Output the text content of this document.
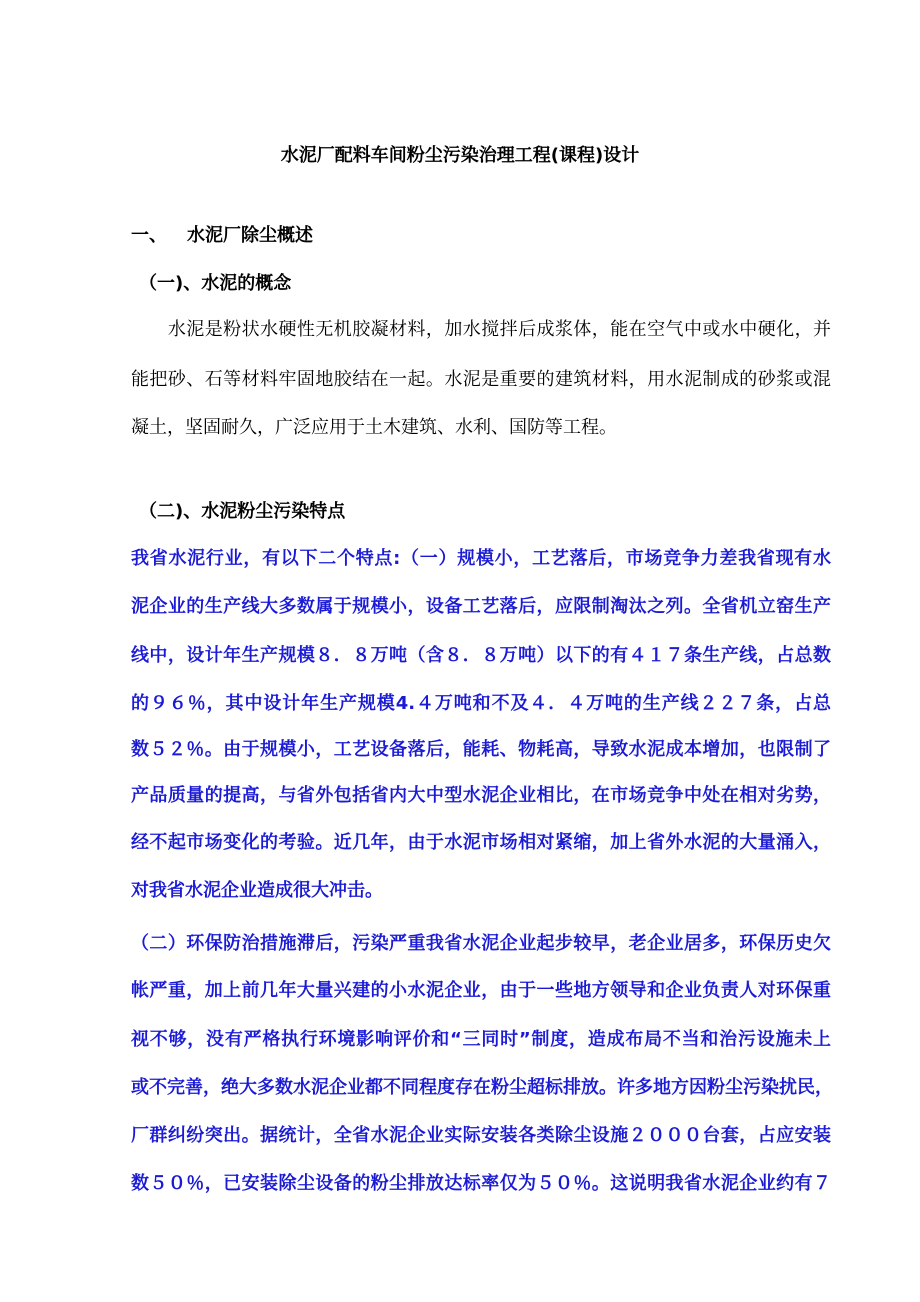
水泥厂配料车间粉尘污染治理工程(课程)设计
一、 水泥厂除尘概述
（一)、水泥的概念
　　水泥是粉状水硬性无机胶凝材料，加水搅拌后成浆体，能在空气中或水中硬化，并
能把砂、石等材料牢固地胶结在一起。水泥是重要的建筑材料，用水泥制成的砂浆或混
凝土，坚固耐久，广泛应用于土木建筑、水利、国防等工程。
（二)、水泥粉尘污染特点
我省水泥行业，有以下二个特点:（一）规模小，工艺落后，市场竞争力差我省现有水
泥企业的生产线大多数属于规模小，设备工艺落后，应限制淘汰之列。全省机立窑生产
线中，设计年生产规模８．８万吨（含８．８万吨）以下的有４１７条生产线，占总数
的９６％，其中设计年生产规模4.４万吨和不及４．４万吨的生产线２２７条，占总
数５２％。由于规模小，工艺设备落后，能耗、物耗高，导致水泥成本增加，也限制了
产品质量的提高，与省外包括省内大中型水泥企业相比，在市场竞争中处在相对劣势，
经不起市场变化的考验。近几年，由于水泥市场相对紧缩，加上省外水泥的大量涌入，
对我省水泥企业造成很大冲击。
（二）环保防治措施滞后，污染严重我省水泥企业起步较早，老企业居多，环保历史欠
帐严重，加上前几年大量兴建的小水泥企业，由于一些地方领导和企业负责人对环保重
视不够，没有严格执行环境影响评价和“三同时”制度，造成布局不当和治污设施未上
或不完善，绝大多数水泥企业都不同程度存在粉尘超标排放。许多地方因粉尘污染扰民，
厂群纠纷突出。据统计，全省水泥企业实际安装各类除尘设施２０００台套，占应安装
数５０％，已安装除尘设备的粉尘排放达标率仅为５０％。这说明我省水泥企业约有７
